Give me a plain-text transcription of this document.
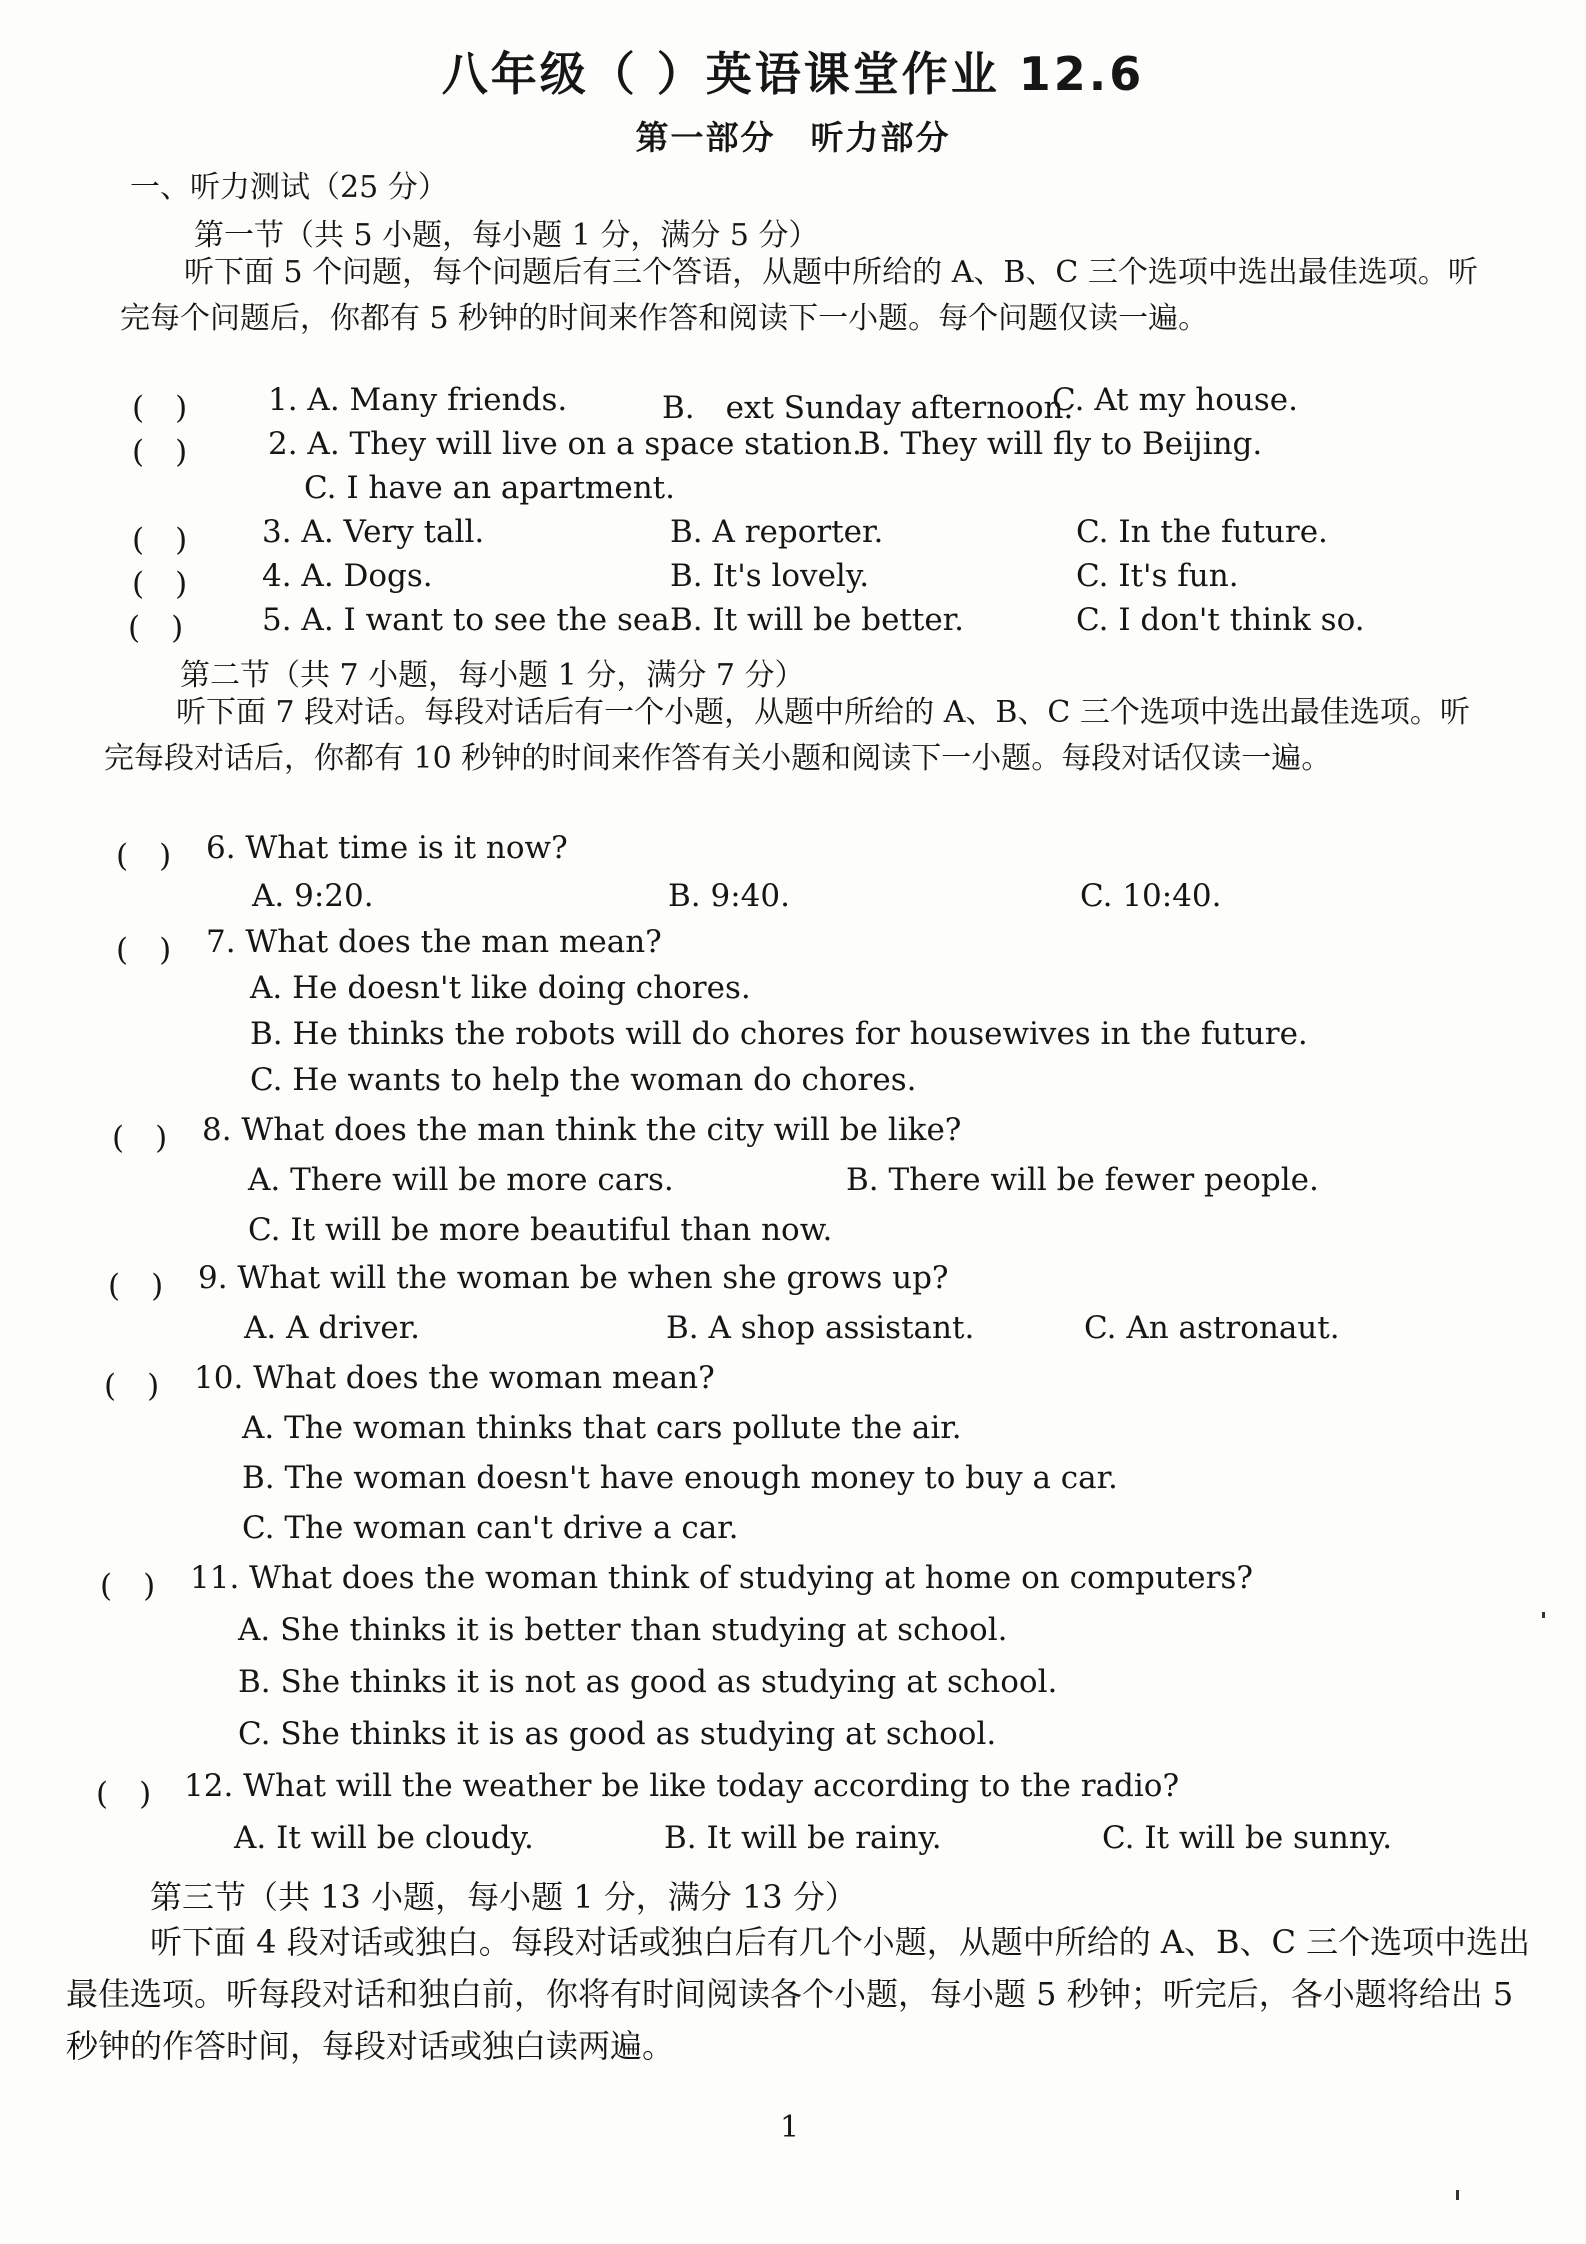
八年级（ ）英语课堂作业 12.6
第一部分　听力部分
一、听力测试（25 分）
第一节（共 5 小题，每小题 1 分，满分 5 分）
听下面 5 个问题，每个问题后有三个答语，从题中所给的 A、B、C 三个选项中选出最佳选项。听完每个问题后，你都有 5 秒钟的时间来作答和阅读下一小题。每个问题仅读一遍。
(　)	1. A. Many friends.	B.　ext Sunday afternoon.
C. At my house.
(　)	2. A. They will live on a space station.
B. They will fly to Beijing.
C. I have an apartment.
(　) 3. A. Very tall.	B. A reporter.	C. In the future.
(　) 4. A. Dogs.	B. It's lovely.	C. It's fun.
(　)	5. A. I want to see the sea.
B. It will be better.	C. I don't think so.
第二节（共 7 小题，每小题 1 分，满分 7 分）
听下面 7 段对话。每段对话后有一个小题，从题中所给的 A、B、C 三个选项中选出最佳选项。听完每段对话后，你都有 10 秒钟的时间来作答有关小题和阅读下一小题。每段对话仅读一遍。
(　) 6. What time is it now?
A. 9:20.	B. 9:40.	C. 10:40.
(　) 7. What does the man mean?
A. He doesn't like doing chores.
B. He thinks the robots will do chores for housewives in the future.
C. He wants to help the woman do chores.
(　) 8. What does the man think the city will be like?
A. There will be more cars.	B. There will be fewer people.
C. It will be more beautiful than now.
(　) 9. What will the woman be when she grows up?
A. A driver.	B. A shop assistant.	C. An astronaut.
(　) 10. What does the woman mean?
A. The woman thinks that cars pollute the air.
B. The woman doesn't have enough money to buy a car.
C. The woman can't drive a car.
(　) 11. What does the woman think of studying at home on computers?
A. She thinks it is better than studying at school.
B. She thinks it is not as good as studying at school.
C. She thinks it is as good as studying at school.
(　) 12. What will the weather be like today according to the radio?
A. It will be cloudy.	B. It will be rainy.	C. It will be sunny.
第三节（共 13 小题，每小题 1 分，满分 13 分）
听下面 4 段对话或独白。每段对话或独白后有几个小题，从题中所给的 A、B、C 三个选项中选出最佳选项。听每段对话和独白前，你将有时间阅读各个小题，每小题 5 秒钟；听完后，各小题将给出 5 秒钟的作答时间，每段对话或独白读两遍。
1
